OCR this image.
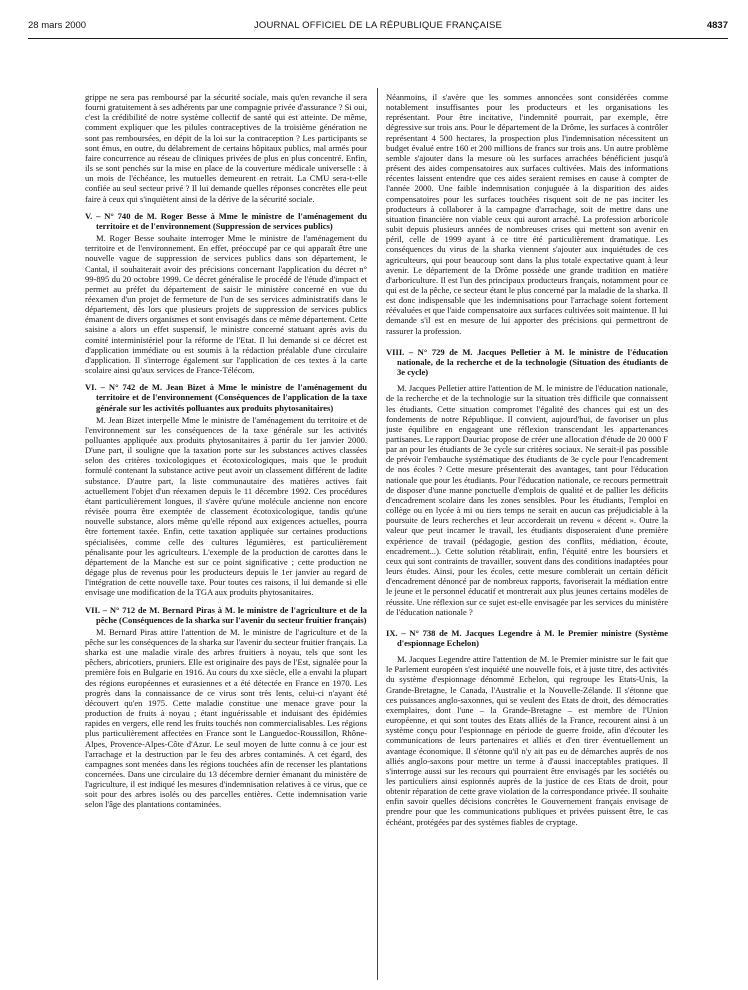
28 mars 2000	JOURNAL OFFICIEL DE LA RÉPUBLIQUE FRANÇAISE	4837

grippe ne sera pas remboursé par la sécurité sociale, mais qu'en revanche il sera fourni gratuitement à ses adhérents par une compagnie privée d'assurance ? Si oui, c'est la crédibilité de notre système collectif de santé qui est atteinte. De même, comment expliquer que les pilules contraceptives de la troisième génération ne sont pas remboursées, en dépit de la loi sur la contraception ? Les participants se sont émus, en outre, du délabrement de certains hôpitaux publics, mal armés pour faire concurrence au réseau de cliniques privées de plus en plus concentré. Enfin, ils se sont penchés sur la mise en place de la couverture médicale universelle : à un mois de l'échéance, les mutuelles demeurent en retrait. La CMU sera-t-elle confiée au seul secteur privé ? Il lui demande quelles réponses concrètes elle peut faire à ceux qui s'inquiètent ainsi de la dérive de la sécurité sociale.

V. – N° 740 de M. Roger Besse à Mme le ministre de l'aménagement du territoire et de l'environnement (Suppression de services publics)

M. Roger Besse souhaite interroger Mme le ministre de l'aménagement du territoire et de l'environnement. En effet, préoccupé par ce qui apparaît être une nouvelle vague de suppression de services publics dans son département, le Cantal, il souhaiterait avoir des précisions concernant l'application du décret n° 99-895 du 20 octobre 1999. Ce décret généralise le procédé de l'étude d'impact et permet au préfet du département de saisir le ministère concerné en vue du réexamen d'un projet de fermeture de l'un de ses services administratifs dans le département, dès lors que plusieurs projets de suppression de services publics émanent de divers organismes et sont envisagés dans ce même département. Cette saisine a alors un effet suspensif, le ministre concerné statuant après avis du comité interministériel pour la réforme de l'Etat. Il lui demande si ce décret est d'application immédiate ou est soumis à la rédaction préalable d'une circulaire d'application. Il s'interroge également sur l'application de ces textes à la carte scolaire ainsi qu'aux services de France-Télécom.

VI. – N° 742 de M. Jean Bizet à Mme le ministre de l'aménagement du territoire et de l'environnement (Conséquences de l'application de la taxe générale sur les activités polluantes aux produits phytosanitaires)

M. Jean Bizet interpelle Mme le ministre de l'aménagement du territoire et de l'environnement sur les conséquences de la taxe générale sur les activités polluantes appliquée aux produits phytosanitaires à partir du 1er janvier 2000. D'une part, il souligne que la taxation porte sur les substances actives classées selon des critères toxicologiques et écotoxicologiques, mais que le produit formulé contenant la substance active peut avoir un classement différent de ladite substance. D'autre part, la liste communautaire des matières actives fait actuellement l'objet d'un réexamen depuis le 11 décembre 1992. Ces procédures étant particulièrement longues, il s'avère qu'une molécule ancienne non encore révisée pourra être exemptée de classement écotoxicologique, tandis qu'une nouvelle substance, alors même qu'elle répond aux exigences actuelles, pourra être fortement taxée. Enfin, cette taxation appliquée sur certaines productions spécialisées, comme celle des cultures légumières, est particulièrement pénalisante pour les agriculteurs. L'exemple de la production de carottes dans le département de la Manche est sur ce point significative ; cette production ne dégage plus de revenus pour les producteurs depuis le 1er janvier au regard de l'intégration de cette nouvelle taxe. Pour toutes ces raisons, il lui demande si elle envisage une modification de la TGA aux produits phytosanitaires.

VII. – N° 712 de M. Bernard Piras à M. le ministre de l'agriculture et de la pêche (Conséquences de la sharka sur l'avenir du secteur fruitier français)

M. Bernard Piras attire l'attention de M. le ministre de l'agriculture et de la pêche sur les conséquences de la sharka sur l'avenir du secteur fruitier français. La sharka est une maladie virale des arbres fruitiers à noyau, tels que sont les pêchers, abricotiers, pruniers. Elle est originaire des pays de l'Est, signalée pour la première fois en Bulgarie en 1916. Au cours du xxe siècle, elle a envahi la plupart des régions européennes et eurasiennes et a été détectée en France en 1970. Les progrès dans la connaissance de ce virus sont très lents, celui-ci n'ayant été découvert qu'en 1975. Cette maladie constitue une menace grave pour la production de fruits à noyau ; étant inguérissable et induisant des épidémies rapides en vergers, elle rend les fruits touchés non commercialisables. Les régions plus particulièrement affectées en France sont le Languedoc-Roussillon, Rhône-Alpes, Provence-Alpes-Côte d'Azur. Le seul moyen de lutte connu à ce jour est l'arrachage et la destruction par le feu des arbres contaminés. A cet égard, des campagnes sont menées dans les régions touchées afin de recenser les plantations concernées. Dans une circulaire du 13 décembre dernier émanant du ministère de l'agriculture, il est indiqué les mesures d'indemnisation relatives à ce virus, que ce soit pour des arbres isolés ou des parcelles entières. Cette indemnisation varie selon l'âge des plantations contaminées.

Néanmoins, il s'avère que les sommes annoncées sont considérées comme notablement insuffisantes pour les producteurs et les organisations les représentant. Pour être incitative, l'indemnité pourrait, par exemple, être dégressive sur trois ans. Pour le département de la Drôme, les surfaces à contrôler représentant 4 500 hectares, la prospection plus l'indemnisation nécessitent un budget évalué entre 160 et 200 millions de francs sur trois ans. Un autre problème semble s'ajouter dans la mesure où les surfaces arrachées bénéficient jusqu'à présent des aides compensatoires aux surfaces cultivées. Mais des informations récentes laissent entendre que ces aides seraient remises en cause à compter de l'année 2000. Une faible indemnisation conjuguée à la disparition des aides compensatoires pour les surfaces touchées risquent soit de ne pas inciter les producteurs à collaborer à la campagne d'arrachage, soit de mettre dans une situation financière non viable ceux qui auront arraché. La profession arboricole subit depuis plusieurs années de nombreuses crises qui mettent son avenir en péril, celle de 1999 ayant à ce titre été particulièrement dramatique. Les conséquences du virus de la sharka viennent s'ajouter aux inquiétudes de ces agriculteurs, qui pour beaucoup sont dans la plus totale expectative quant à leur avenir. Le département de la Drôme possède une grande tradition en matière d'arboriculture. Il est l'un des principaux producteurs français, notamment pour ce qui est de la pêche, ce secteur étant le plus concerné par la maladie de la sharka. Il est donc indispensable que les indemnisations pour l'arrachage soient fortement réévaluées et que l'aide compensatoire aux surfaces cultivées soit maintenue. Il lui demande s'il est en mesure de lui apporter des précisions qui permettront de rassurer la profession.

VIII. – N° 729 de M. Jacques Pelletier à M. le ministre de l'éducation nationale, de la recherche et de la technologie (Situation des étudiants de 3e cycle)

M. Jacques Pelletier attire l'attention de M. le ministre de l'éducation nationale, de la recherche et de la technologie sur la situation très difficile que connaissent les étudiants. Cette situation compromet l'égalité des chances qui est un des fondements de notre République. Il convient, aujourd'hui, de favoriser un plus juste équilibre en engageant une réflexion transcendant les appartenances partisanes. Le rapport Dauriac propose de créer une allocation d'étude de 20 000 F par an pour les étudiants de 3e cycle sur critères sociaux. Ne serait-il pas possible de prévoir l'embauche systématique des étudiants de 3e cycle pour l'encadrement de nos écoles ? Cette mesure présenterait des avantages, tant pour l'éducation nationale que pour les étudiants. Pour l'éducation nationale, ce recours permettrait de disposer d'une manne ponctuelle d'emplois de qualité et de pallier les déficits d'encadrement scolaire dans les zones sensibles. Pour les étudiants, l'emploi en collège ou en lycée à mi ou tiers temps ne serait en aucun cas préjudiciable à la poursuite de leurs recherches et leur accorderait un revenu « décent ». Outre la valeur que peut incarner le travail, les étudiants disposeraient d'une première expérience de travail (pédagogie, gestion des conflits, médiation, écoute, encadrement...). Cette solution rétablirait, enfin, l'équité entre les boursiers et ceux qui sont contraints de travailler, souvent dans des conditions inadaptées pour leurs études. Ainsi, pour les écoles, cette mesure comblerait un certain déficit d'encadrement dénoncé par de nombreux rapports, favoriserait la médiation entre le jeune et le personnel éducatif et montrerait aux plus jeunes certains modèles de réussite. Une réflexion sur ce sujet est-elle envisagée par les services du ministère de l'éducation nationale ?

IX. – N° 738 de M. Jacques Legendre à M. le Premier ministre (Système d'espionnage Echelon)

M. Jacques Legendre attire l'attention de M. le Premier ministre sur le fait que le Parlement européen s'est inquiété une nouvelle fois, et à juste titre, des activités du système d'espionnage dénommé Echelon, qui regroupe les Etats-Unis, la Grande-Bretagne, le Canada, l'Australie et la Nouvelle-Zélande. Il s'étonne que ces puissances anglo-saxonnes, qui se veulent des Etats de droit, des démocraties exemplaires, dont l'une – la Grande-Bretagne – est membre de l'Union européenne, et qui sont toutes des Etats alliés de la France, recourent ainsi à un système conçu pour l'espionnage en période de guerre froide, afin d'écouter les communications de leurs partenaires et alliés et d'en tirer éventuellement un avantage économique. Il s'étonne qu'il n'y ait pas eu de démarches auprès de nos alliés anglo-saxons pour mettre un terme à d'aussi inacceptables pratiques. Il s'interroge aussi sur les recours qui pourraient être envisagés par les sociétés ou les particuliers ainsi espionnés auprès de la justice de ces Etats de droit, pour obtenir réparation de cette grave violation de la correspondance privée. Il souhaite enfin savoir quelles décisions concrètes le Gouvernement français envisage de prendre pour que les communications publiques et privées puissent être, le cas échéant, protégées par des systèmes fiables de cryptage.
